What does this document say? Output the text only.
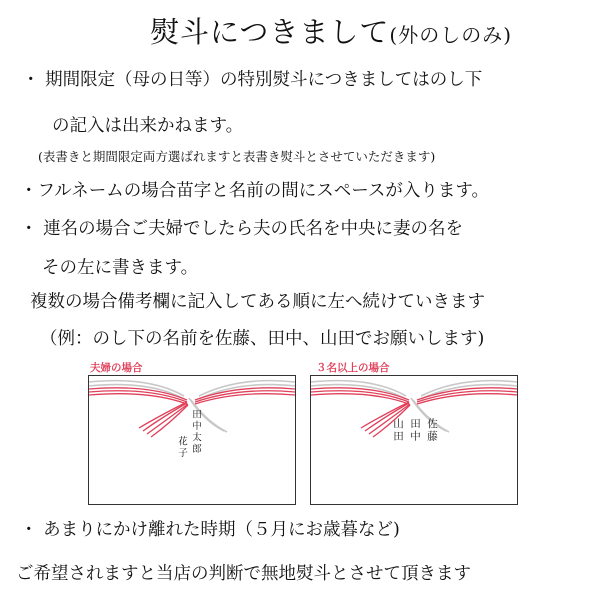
熨斗につきまして(外のしのみ)
・ 期間限定（母の日等）の特別熨斗につきましてはのし下
の記入は出来かねます。
(表書きと期間限定両方選ばれますと表書き熨斗とさせていただきます)
・フルネームの場合苗字と名前の間にスペースが入ります。
・ 連名の場合ご夫婦でしたら夫の氏名を中央に妻の名を
その左に書きます。
複数の場合備考欄に記入してある順に左へ続けていきます
（例：のし下の名前を佐藤、田中、山田でお願いします)
夫婦の場合	３名以上の場合
田中太郎
花子
佐藤
田中
山田
・ あまりにかけ離れた時期（５月にお歳暮など)
ご希望されますと当店の判断で無地熨斗とさせて頂きます
